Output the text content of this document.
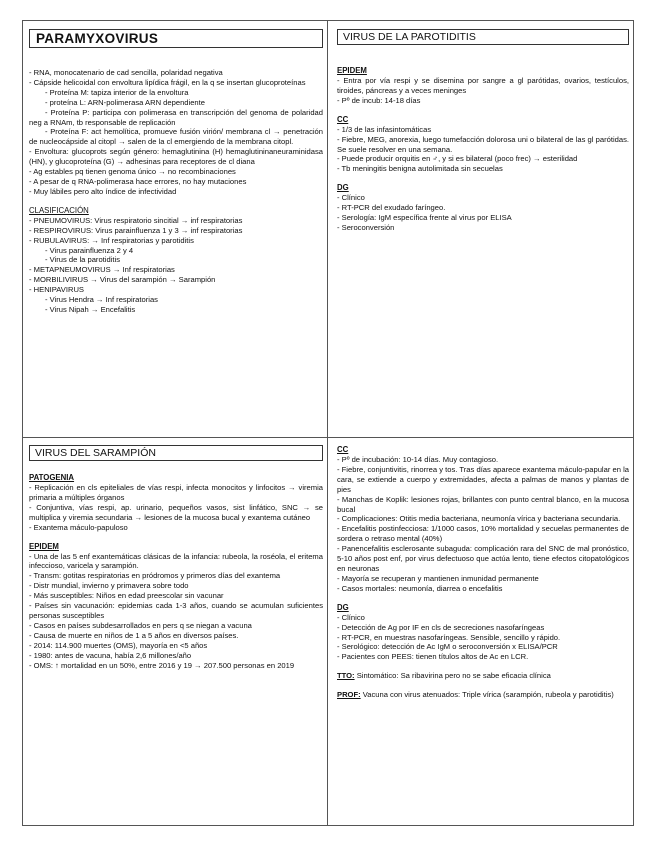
PARAMYXOVIRUS
- RNA, monocatenario de cad sencilla, polaridad negativa
- Cápside helicoidal con envoltura lipídica frágil, en la q se insertan glucoproteínas
- Proteína M: tapiza interior de la envoltura
- proteína L: ARN-polimerasa ARN dependiente
- Proteína P: participa con polimerasa en transcripción del genoma de polaridad neg a RNAm, tb responsable de replicación
- Proteína F: act hemolítica, promueve fusión virión/ membrana cl → penetración de nucleocápside al citopl → salen de la cl emergiendo de la membrana citopl.
- Envoltura: glucoprots según género: hemaglutinina (H) hemaglutininaneuraminidasa (HN), y glucoproteína (G) → adhesinas para receptores de cl diana
- Ag estables pq tienen genoma único → no recombinaciones
- A pesar de q RNA-polimerasa hace errores, no hay mutaciones
- Muy lábiles pero alto índice de infectividad
CLASIFICACIÓN
- PNEUMOVIRUS: Virus respiratorio sincitial → inf respiratorias
- RESPIROVIRUS: Virus parainfluenza 1 y 3 → inf respiratorias
- RUBULAVIRUS: → Inf respiratorias y parotiditis
- Virus parainfluenza 2 y 4
- Virus de la parotiditis
- METAPNEUMOVIRUS → Inf respiratorias
- MORBILIVIRUS → Virus del sarampión → Sarampión
- HENIPAVIRUS
- Virus Hendra → Inf respiratorias
- Virus Nipah → Encefalitis
VIRUS DE LA PAROTIDITIS
EPIDEM
- Entra por vía respi y se disemina por sangre a gl parótidas, ovarios, testículos, tiroides, páncreas y a veces meninges
- Pº de incub: 14-18 días
CC
- 1/3 de las infasintomáticas
- Fiebre, MEG, anorexia, luego tumefacción dolorosa uni o bilateral de las gl parótidas. Se suele resolver en una semana.
- Puede producir orquitis en ♂, y si es bilateral (poco frec) → esterilidad
- Tb meningitis benigna autolimitada sin secuelas
DG
- Clínico
- RT-PCR del exudado faríngeo.
- Serología: IgM específica frente al virus por ELISA
- Seroconversión
VIRUS DEL SARAMPIÓN
PATOGENIA
- Replicación en cls epiteliales de vías respi, infecta monocitos y linfocitos → viremia primaria a múltiples órganos
- Conjuntiva, vías respi, ap. urinario, pequeños vasos, sist linfático, SNC → se multiplica y viremia secundaria → lesiones de la mucosa bucal y exantema cutáneo
- Exantema máculo-papuloso
EPIDEM
- Una de las 5 enf exantemáticas clásicas de la infancia: rubeola, la roséola, el eritema infeccioso, varicela y sarampión.
- Transm: gotitas respiratorias en pródromos y primeros días del exantema
- Distr mundial, invierno y primavera sobre todo
- Más susceptibles: Niños en edad preescolar sin vacunar
- Países sin vacunación: epidemias cada 1-3 años, cuando se acumulan suficientes personas susceptibles
- Casos en países subdesarrollados en pers q se niegan a vacuna
- Causa de muerte en niños de 1 a 5 años en diversos países.
- 2014: 114.900 muertes (OMS), mayoría en <5 años
- 1980: antes de vacuna, había 2,6 millones/año
- OMS: ↑ mortalidad en un 50%, entre 2016 y 19 → 207.500 personas en 2019
CC
- Pº de incubación: 10-14 días. Muy contagioso.
- Fiebre, conjuntivitis, rinorrea y tos. Tras días aparece exantema máculo-papular en la cara, se extiende a cuerpo y extremidades, afecta a palmas de manos y plantas de pies
- Manchas de Koplik: lesiones rojas, brillantes con punto central blanco, en la mucosa bucal
- Complicaciones: Otitis media bacteriana, neumonía vírica y bacteriana secundaria.
- Encefalitis postinfecciosa: 1/1000 casos, 10% mortalidad y secuelas permanentes de sordera o retraso mental (40%)
- Panencefalitis esclerosante subaguda: complicación rara del SNC de mal pronóstico, 5-10 años post enf, por virus defectuoso que actúa lento, tiene efectos citopatológicos en neuronas
- Mayoría se recuperan y mantienen inmunidad permanente
- Casos mortales: neumonía, diarrea o encefalitis
DG
- Clínico
- Detección de Ag por IF en cls de secreciones nasofaríngeas
- RT-PCR, en muestras nasofaríngeas. Sensible, sencillo y rápido.
- Serológico: detección de Ac IgM o seroconversión x ELISA/PCR
- Pacientes con PEES: tienen títulos altos de Ac en LCR.
TTO: Sintomático: Sa ribavirina pero no se sabe eficacia clínica
PROF: Vacuna con virus atenuados: Triple vírica (sarampión, rubeola y parotiditis)
